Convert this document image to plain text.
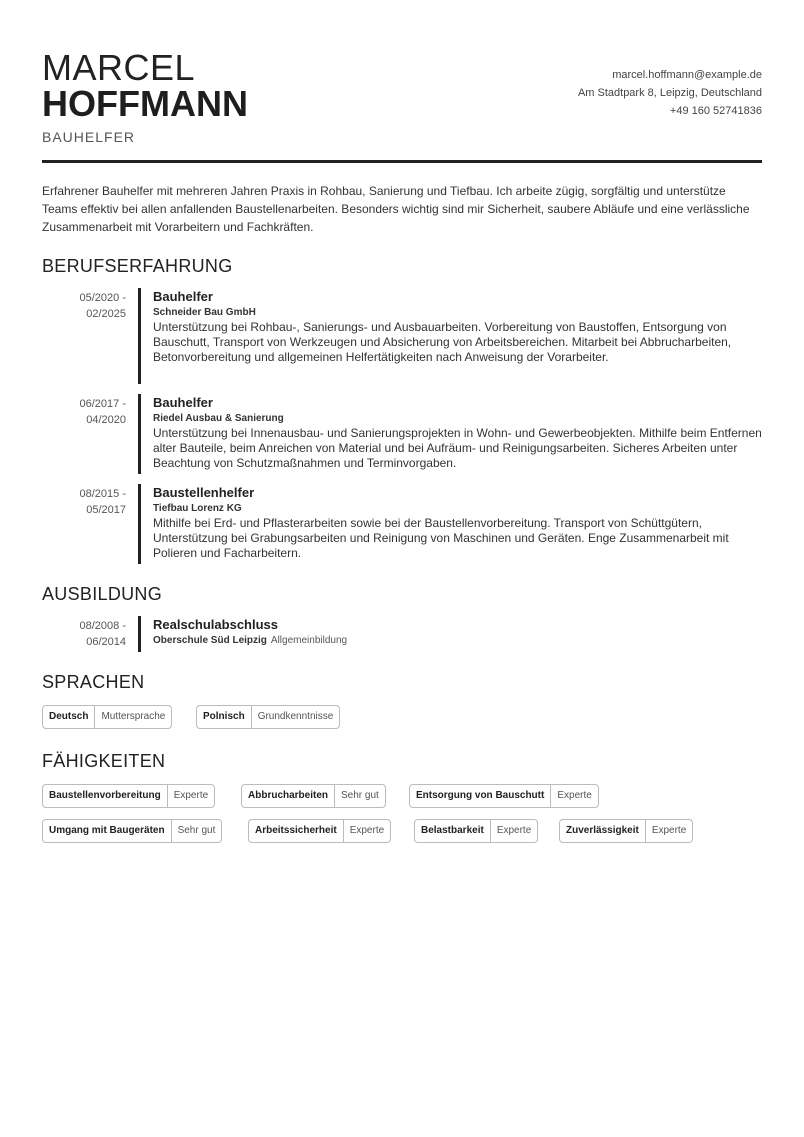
MARCEL
HOFFMANN
BAUHELFER
marcel.hoffmann@example.de
Am Stadtpark 8, Leipzig, Deutschland
+49 160 52741836
Erfahrener Bauhelfer mit mehreren Jahren Praxis in Rohbau, Sanierung und Tiefbau. Ich arbeite zügig, sorgfältig und unterstütze Teams effektiv bei allen anfallenden Baustellenarbeiten. Besonders wichtig sind mir Sicherheit, saubere Abläufe und eine verlässliche Zusammenarbeit mit Vorarbeitern und Fachkräften.
BERUFSERFAHRUNG
05/2020 -
02/2025
Bauhelfer
Schneider Bau GmbH
Unterstützung bei Rohbau-, Sanierungs- und Ausbauarbeiten. Vorbereitung von Baustoffen, Entsorgung von Bauschutt, Transport von Werkzeugen und Absicherung von Arbeitsbereichen. Mitarbeit bei Abbrucharbeiten, Betonvorbereitung und allgemeinen Helfertätigkeiten nach Anweisung der Vorarbeiter.
06/2017 -
04/2020
Bauhelfer
Riedel Ausbau & Sanierung
Unterstützung bei Innenausbau- und Sanierungsprojekten in Wohn- und Gewerbeobjekten. Mithilfe beim Entfernen alter Bauteile, beim Anreichen von Material und bei Aufräum- und Reinigungsarbeiten. Sicheres Arbeiten unter Beachtung von Schutzmaßnahmen und Terminvorgaben.
08/2015 -
05/2017
Baustellenhelfer
Tiefbau Lorenz KG
Mithilfe bei Erd- und Pflasterarbeiten sowie bei der Baustellenvorbereitung. Transport von Schüttgütern, Unterstützung bei Grabungsarbeiten und Reinigung von Maschinen und Geräten. Enge Zusammenarbeit mit Polieren und Facharbeitern.
AUSBILDUNG
08/2008 -
06/2014
Realschulabschluss
Oberschule Süd Leipzig Allgemeinbildung
SPRACHEN
Deutsch	Muttersprache	Polnisch	Grundkenntnisse
FÄHIGKEITEN
Baustellenvorbereitung	Experte	Abbrucharbeiten	Sehr gut	Entsorgung von Bauschutt	Experte
Umgang mit Baugeräten	Sehr gut	Arbeitssicherheit	Experte	Belastbarkeit	Experte	Zuverlässigkeit	Experte
